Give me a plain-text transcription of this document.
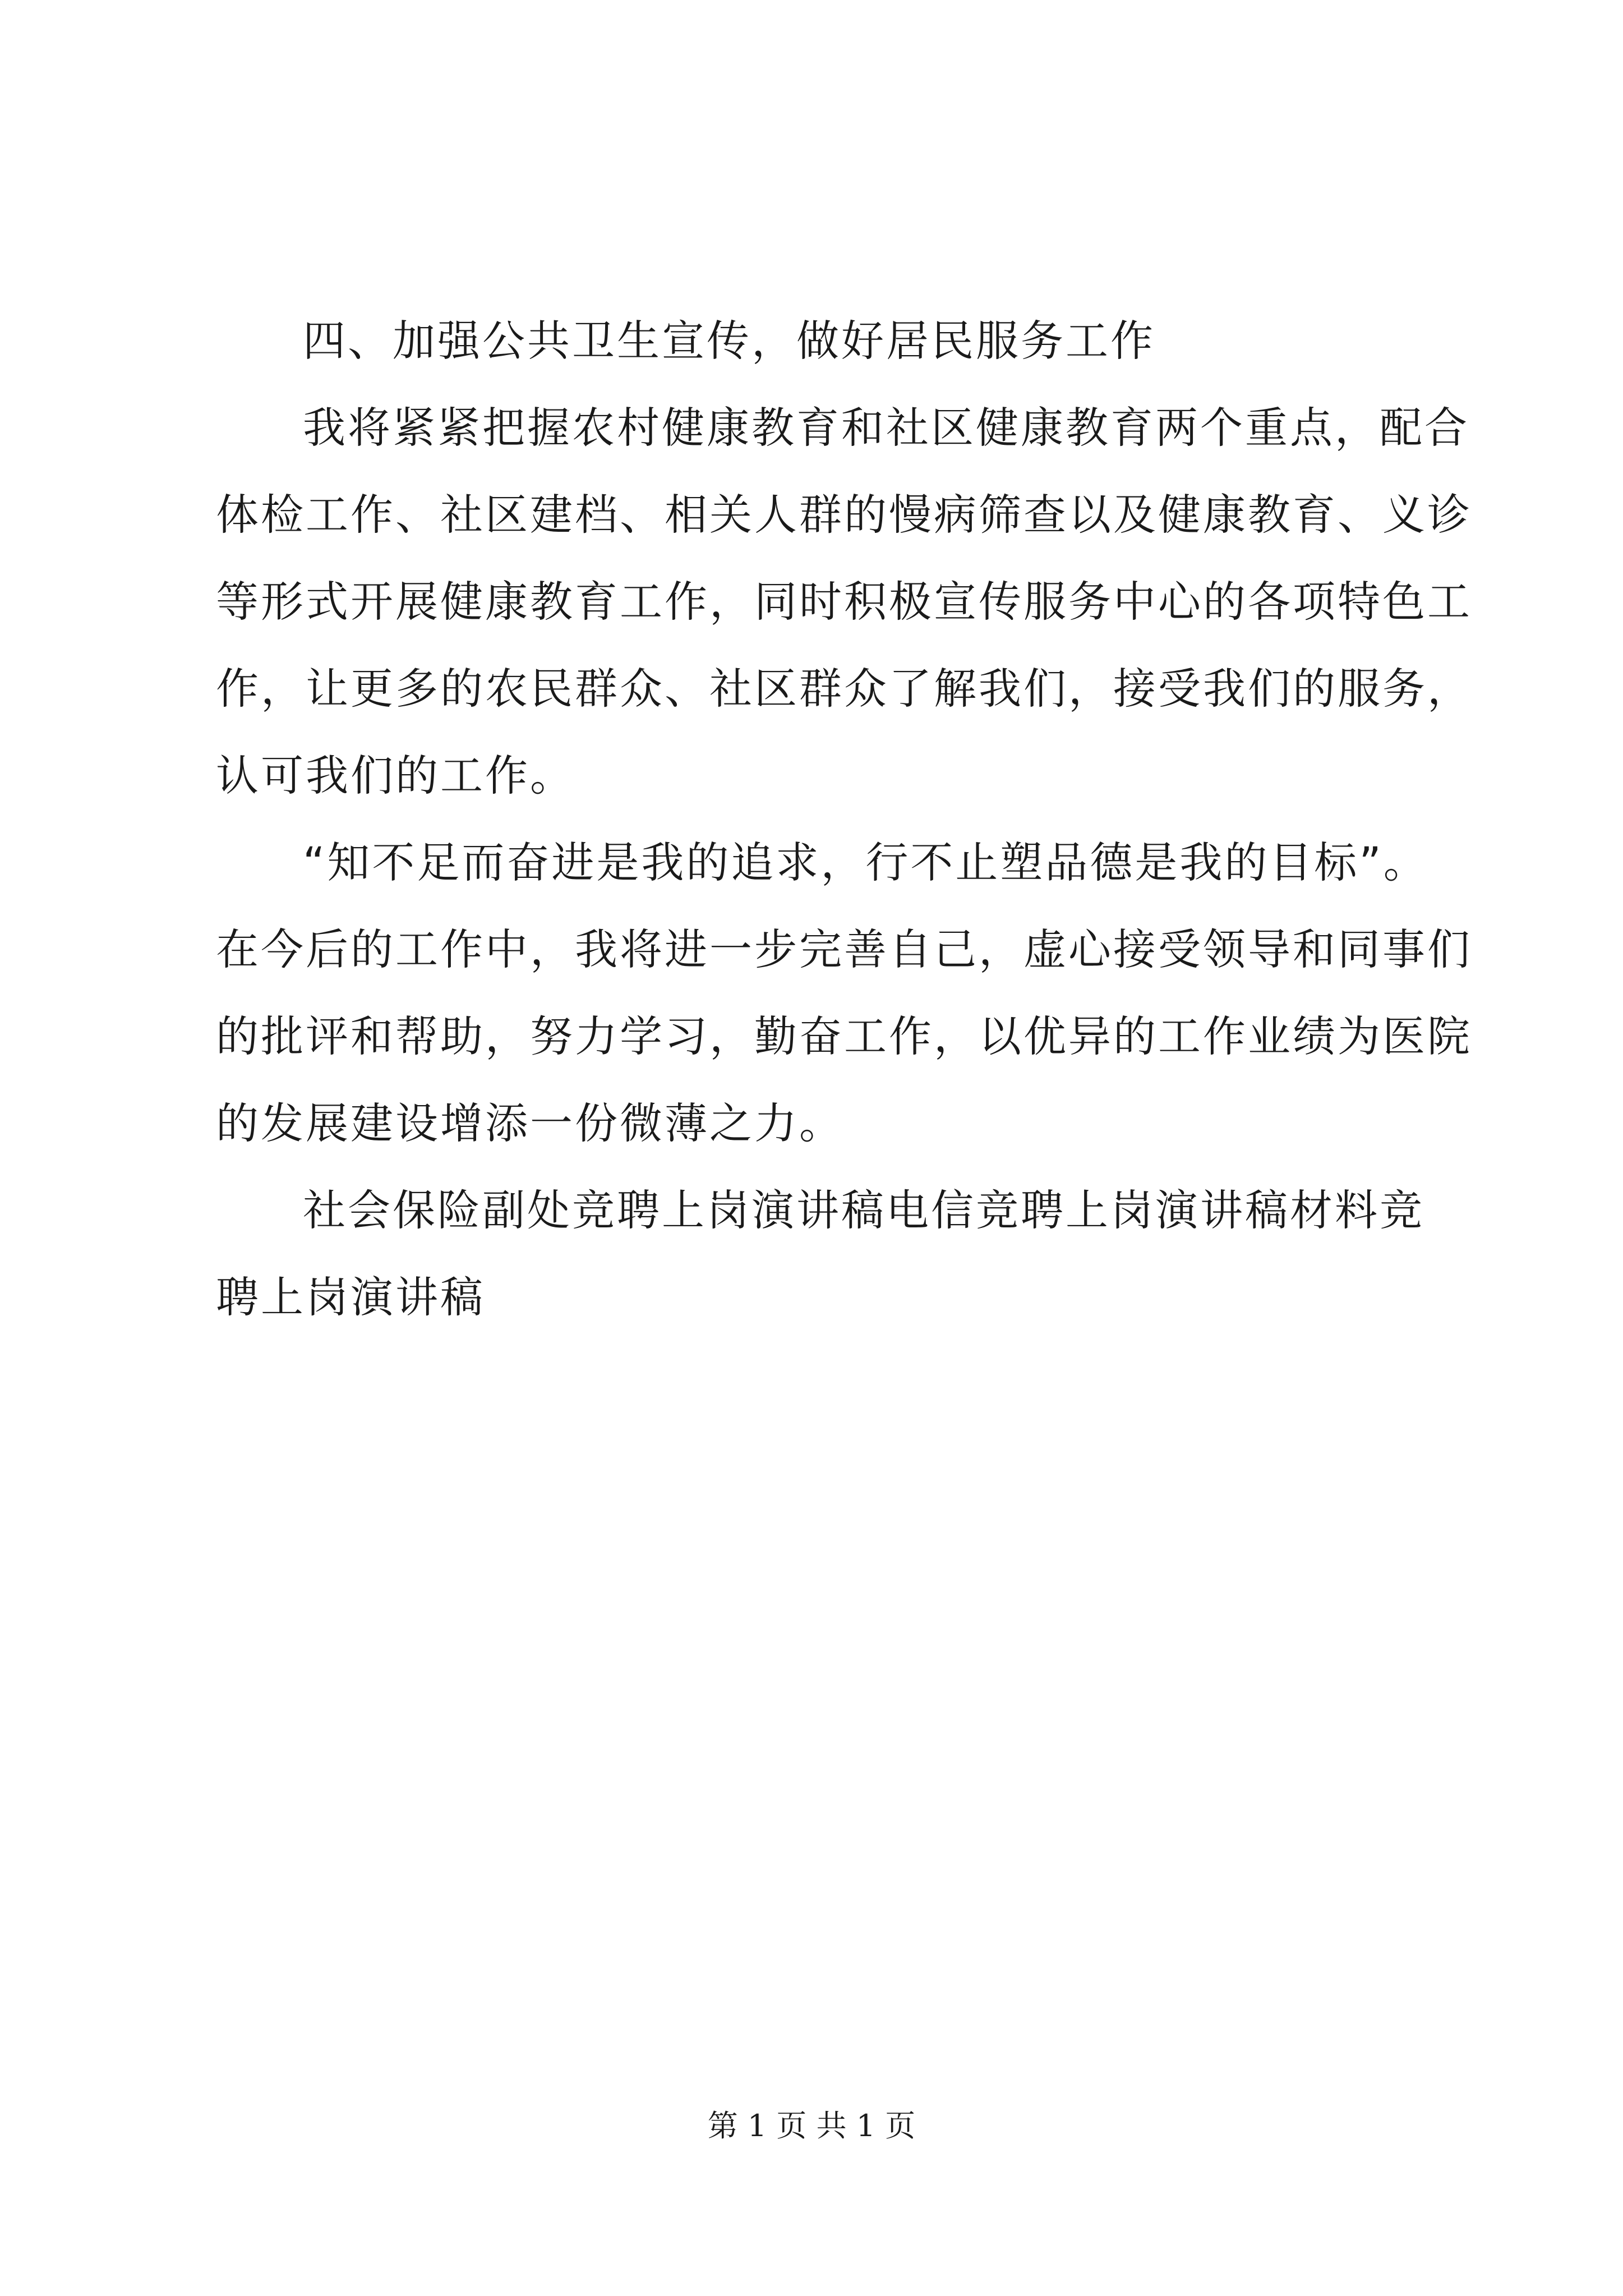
四、加强公共卫生宣传，做好居民服务工作
我将紧紧把握农村健康教育和社区健康教育两个重点，配合
体检工作、社区建档、相关人群的慢病筛查以及健康教育、义诊
等形式开展健康教育工作，同时积极宣传服务中心的各项特色工
作，让更多的农民群众、社区群众了解我们，接受我们的服务，
认可我们的工作。
“知不足而奋进是我的追求，行不止塑品德是我的目标”。
在今后的工作中，我将进一步完善自己，虚心接受领导和同事们
的批评和帮助，努力学习，勤奋工作，以优异的工作业绩为医院
的发展建设增添一份微薄之力。
社会保险副处竞聘上岗演讲稿电信竞聘上岗演讲稿材料竞
聘上岗演讲稿
第 1 页 共 1 页
